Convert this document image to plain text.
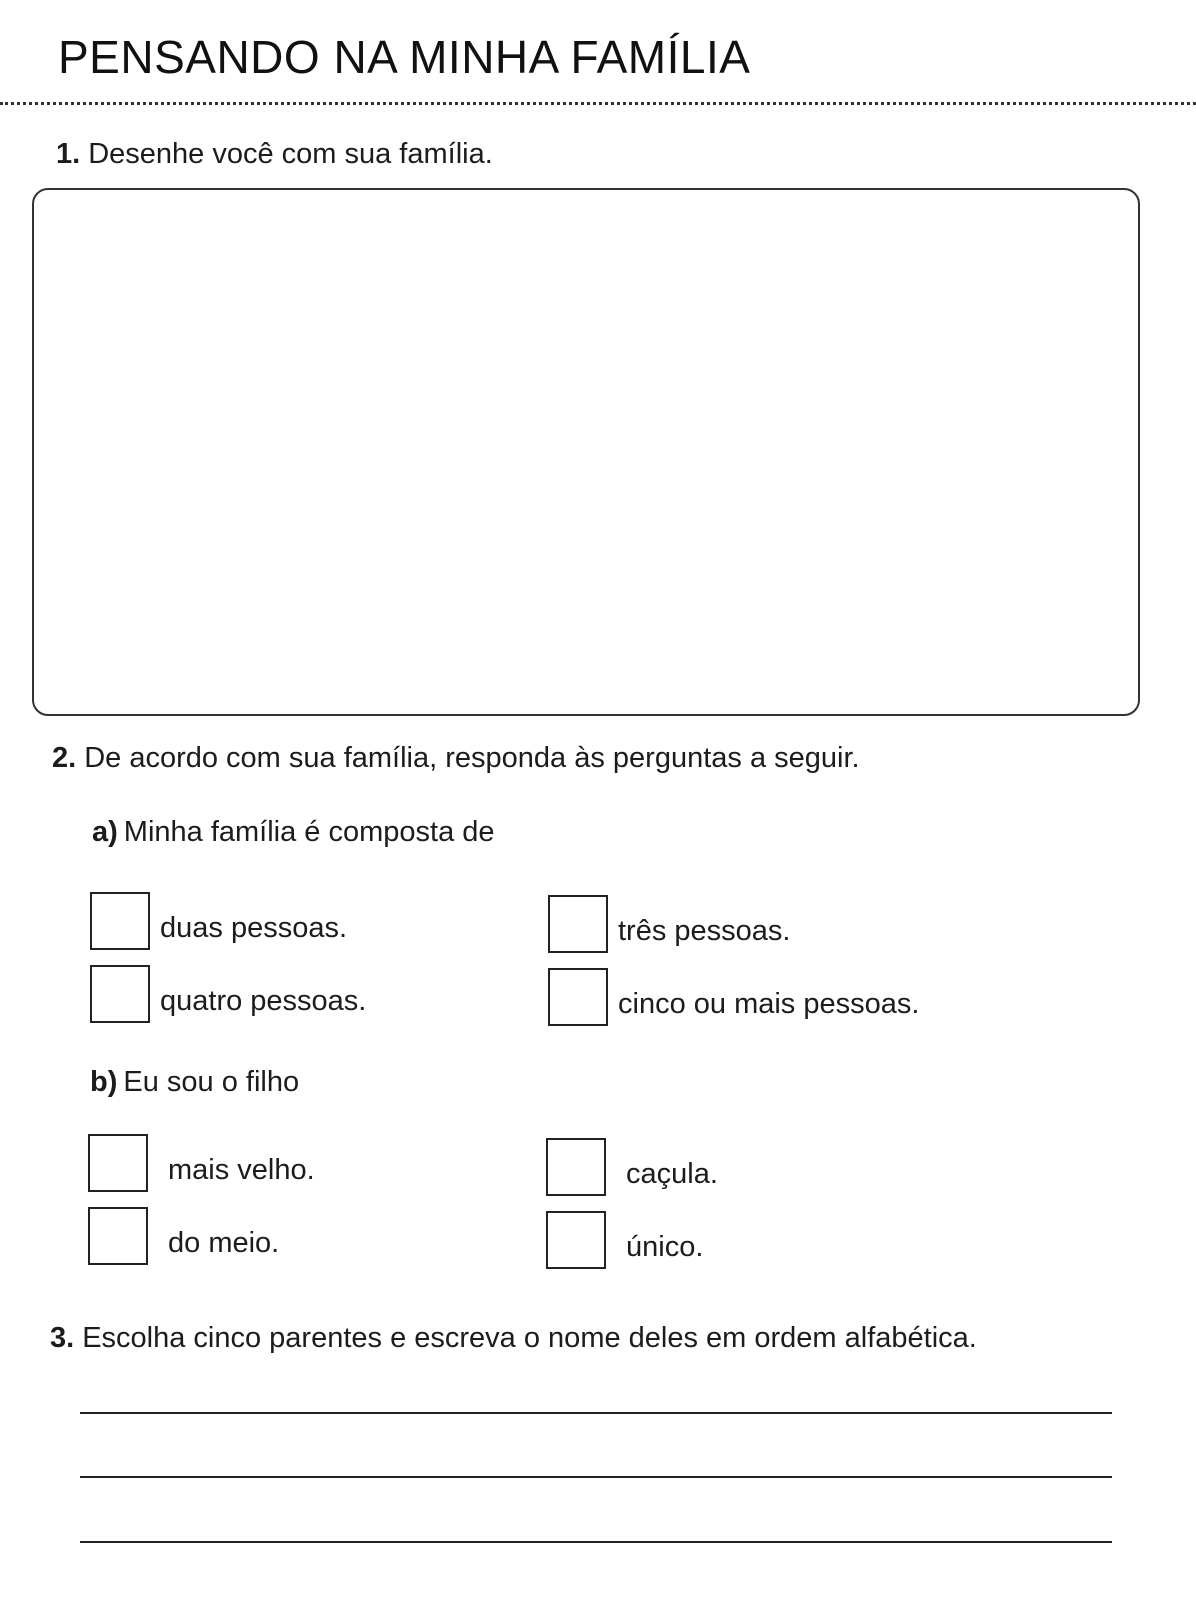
PENSANDO NA MINHA FAMÍLIA
1. Desenhe você com sua família.
2. De acordo com sua família, responda às perguntas a seguir.
a) Minha família é composta de
duas pessoas.	três pessoas.
quatro pessoas.	cinco ou mais pessoas.
b) Eu sou o filho
mais velho.	caçula.
do meio.	único.
3. Escolha cinco parentes e escreva o nome deles em ordem alfabética.
